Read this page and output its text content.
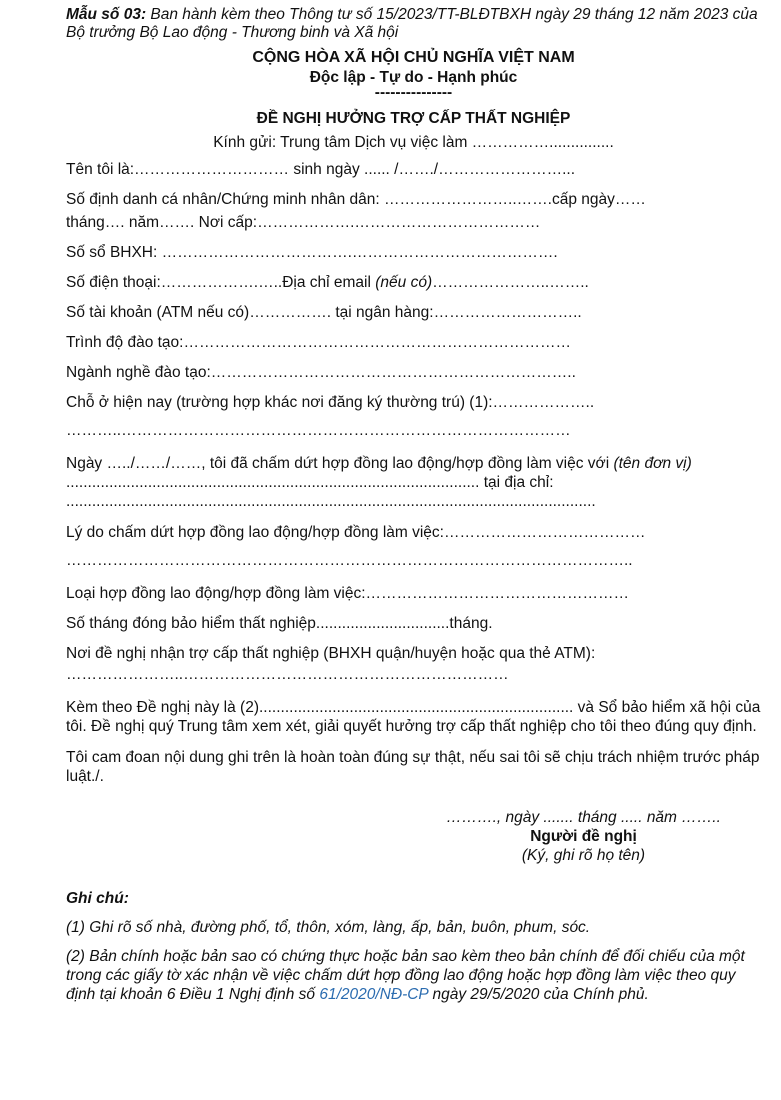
Mẫu số 03: Ban hành kèm theo Thông tư số 15/2023/TT-BLĐTBXH ngày 29 tháng 12 năm 2023 của Bộ trưởng Bộ Lao động - Thương binh và Xã hội
CỘNG HÒA XÃ HỘI CHỦ NGHĨA VIỆT NAM
Độc lập - Tự do - Hạnh phúc
---------------
ĐỀ NGHỊ HƯỞNG TRỢ CẤP THẤT NGHIỆP
Kính gửi: Trung tâm Dịch vụ việc làm ……………...............
Tên tôi là:………………………… sinh ngày ...... /……./……………………...
Số định danh cá nhân/Chứng minh nhân dân: ……………………..…….cấp ngày……
tháng…. năm……. Nơi cấp:……………….………………………………
Số sổ BHXH: ……………………………….………………………………….
Số điện thoại:……………….…..Địa chỉ email (nếu có)…………………..……..
Số tài khoản (ATM nếu có)……………. tại ngân hàng:………………………..
Trình độ đào tạo:…………………………………………………………………
Ngành nghề đào tạo:……………………………………………………………..
Chỗ ở hiện nay (trường hợp khác nơi đăng ký thường trú) (1):………………..
………..……………………………………………………………………………
Ngày …../……/……, tôi đã chấm dứt hợp đồng lao động/hợp đồng làm việc với (tên đơn vị) ................................................................................................ tại địa chỉ: ...........................................................................................................................
Lý do chấm dứt hợp đồng lao động/hợp đồng làm việc:…………………………………
………………………………………………………………………………………………..
Loại hợp đồng lao động/hợp đồng làm việc:……………………………………………
Số tháng đóng bảo hiểm thất nghiệp...............................tháng.
Nơi đề nghị nhận trợ cấp thất nghiệp (BHXH quận/huyện hoặc qua thẻ ATM):
…………………..………………………………………………………
Kèm theo Đề nghị này là (2)......................................................................... và Sổ bảo hiểm xã hội của tôi. Đề nghị quý Trung tâm xem xét, giải quyết hưởng trợ cấp thất nghiệp cho tôi theo đúng quy định.
Tôi cam đoan nội dung ghi trên là hoàn toàn đúng sự thật, nếu sai tôi sẽ chịu trách nhiệm trước pháp luật./.
………., ngày ....... tháng ..... năm ……..
Người đề nghị
(Ký, ghi rõ họ tên)
Ghi chú:
(1) Ghi rõ số nhà, đường phố, tổ, thôn, xóm, làng, ấp, bản, buôn, phum, sóc.
(2) Bản chính hoặc bản sao có chứng thực hoặc bản sao kèm theo bản chính để đối chiếu của một trong các giấy tờ xác nhận về việc chấm dứt hợp đồng lao động hoặc hợp đồng làm việc theo quy định tại khoản 6 Điều 1 Nghị định số 61/2020/NĐ-CP ngày 29/5/2020 của Chính phủ.
